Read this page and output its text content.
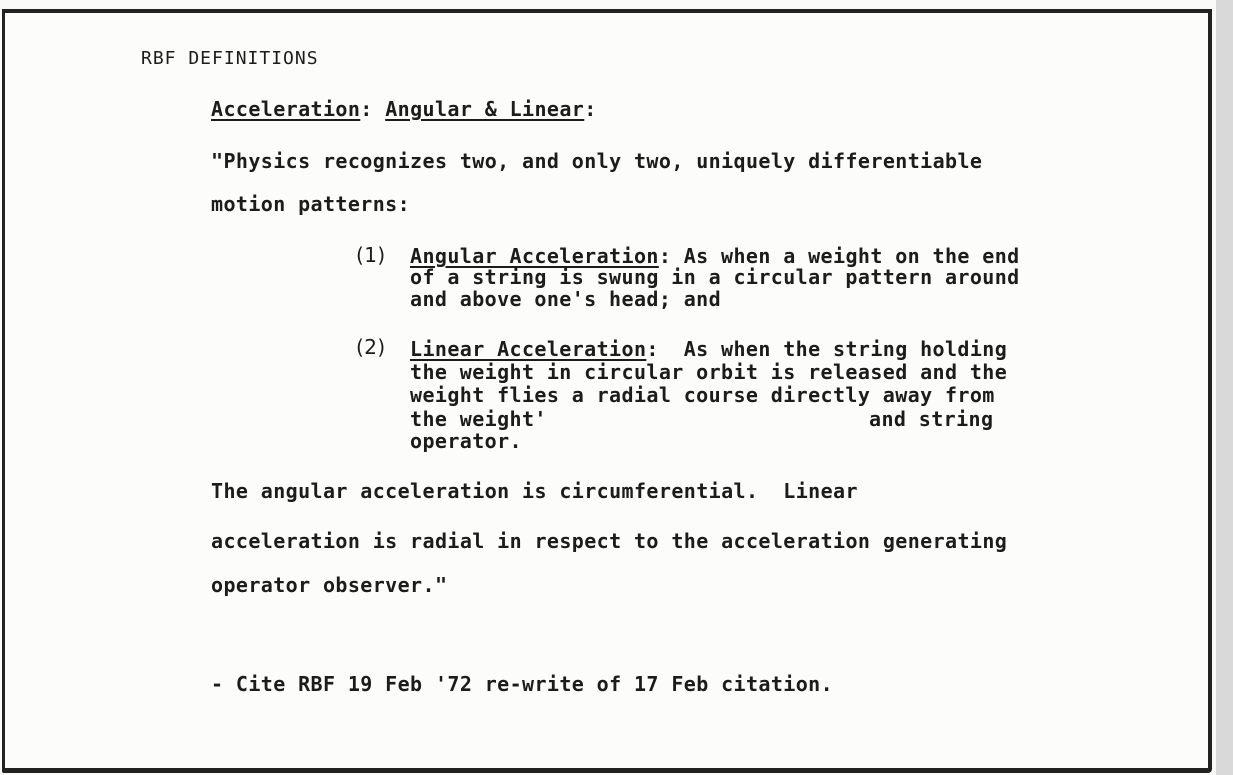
RBF DEFINITIONS
Acceleration: Angular & Linear:
"Physics recognizes two, and only two, uniquely differentiable
motion patterns:
(1) Angular Acceleration: As when a weight on the end
of a string is swung in a circular pattern around
and above one's head; and
(2) Linear Acceleration:  As when the string holding
the weight in circular orbit is released and the
weight flies a radial course directly away from
the weight'	and string
operator.
The angular acceleration is circumferential.  Linear
acceleration is radial in respect to the acceleration generating
operator observer."
- Cite RBF 19 Feb '72 re-write of 17 Feb citation.
